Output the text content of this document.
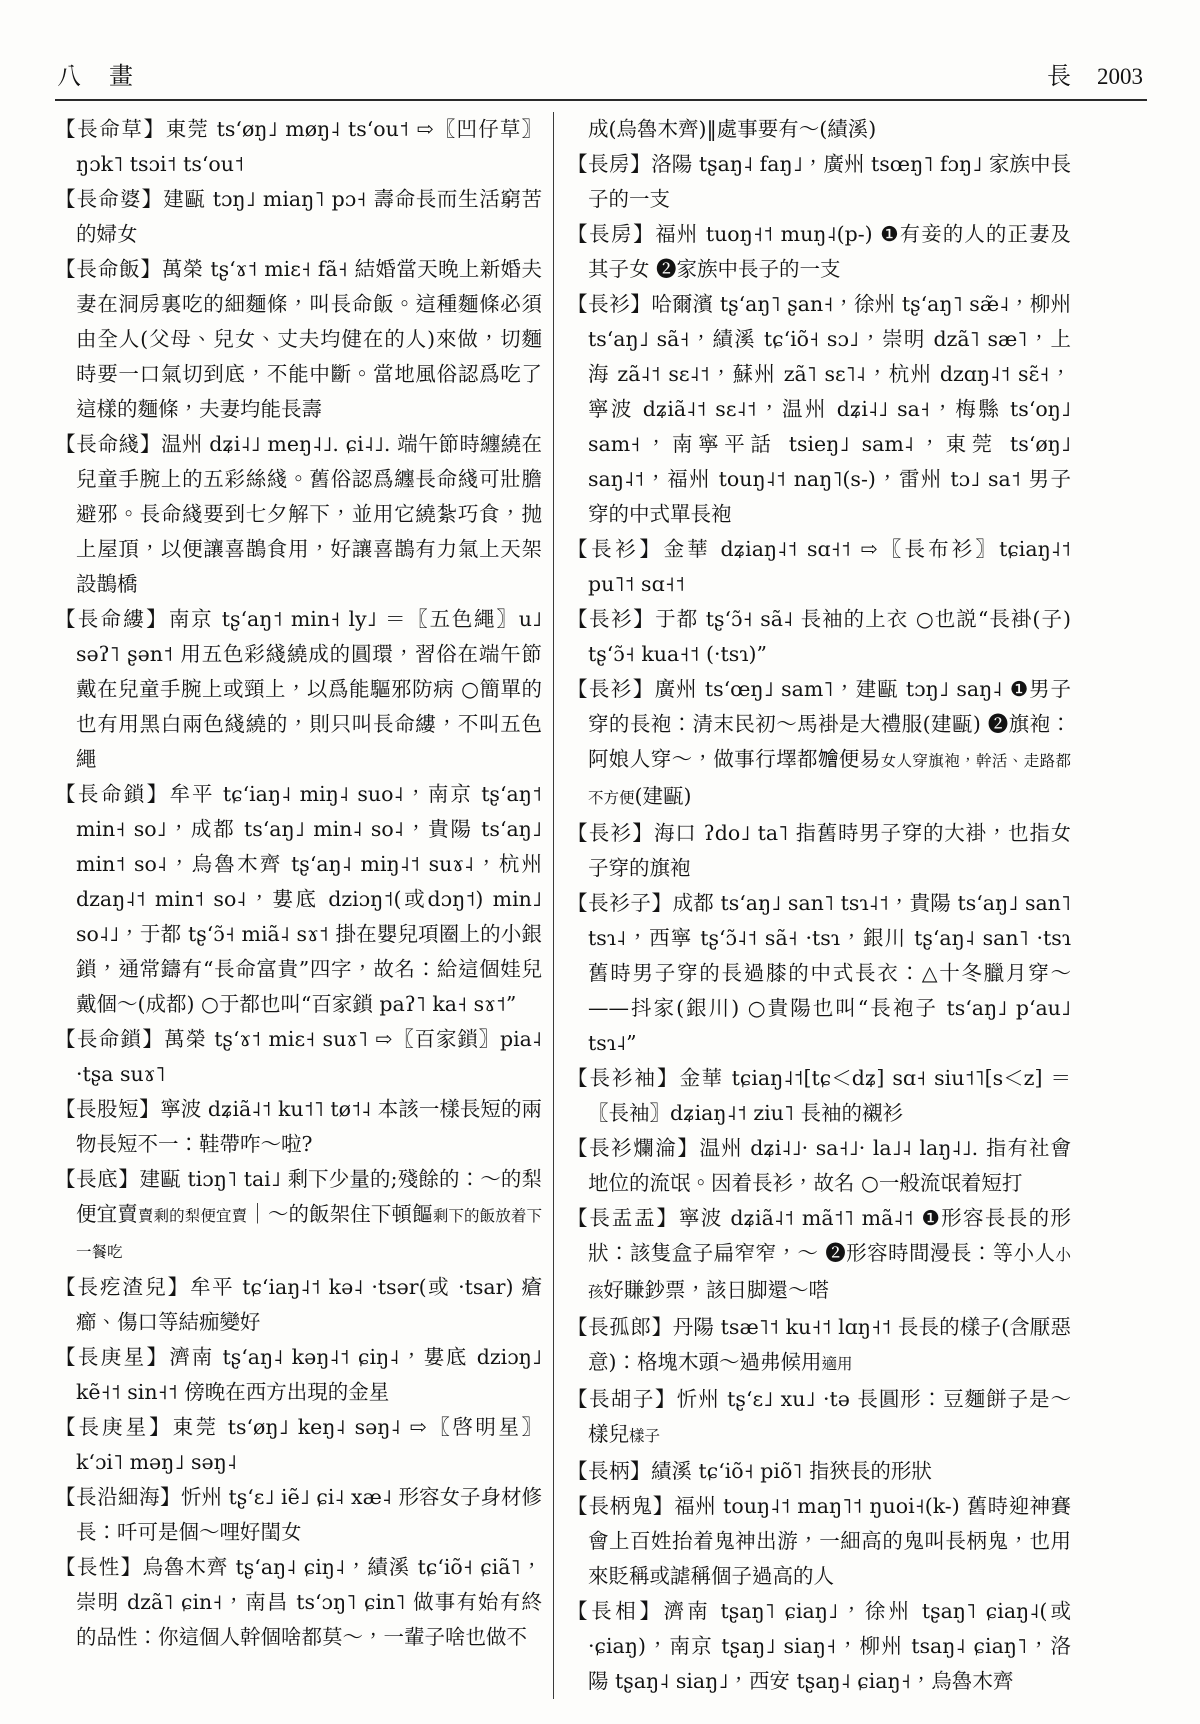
八　畫	長 2003

【長命草】東莞 tsʻøŋ˩ møŋ˨ tsʻou˦ ⇨〖凹仔草〗ŋɔk˥ tsɔi˦ tsʻou˦

【長命婆】建甌 tɔŋ˩ miaŋ˥ pɔ˧ 壽命長而生活窮苦的婦女

【長命飯】萬榮 tʂʻɤ˦ miɛ˧ fã˧ 結婚當天晚上新婚夫妻在洞房裏吃的細麵條，叫長命飯。這種麵條必須由全人(父母、兒女、丈夫均健在的人)來做，切麵時要一口氣切到底，不能中斷。當地風俗認爲吃了這樣的麵條，夫妻均能長壽

【長命綫】温州 dʑi˨˩ meŋ˨˩. ɕi˨˩. 端午節時纏繞在兒童手腕上的五彩絲綫。舊俗認爲纏長命綫可壯膽避邪。長命綫要到七夕解下，並用它繞紮巧食，抛上屋頂，以便讓喜鵲食用，好讓喜鵲有力氣上天架設鵲橋

【長命縷】南京 tʂʻaŋ˦ min˧ ly˩ ＝〖五色繩〗u˩ səʔ˥ ʂən˦ 用五色彩綫繞成的圓環，習俗在端午節戴在兒童手腕上或頸上，以爲能驅邪防病 ○簡單的也有用黑白兩色綫繞的，則只叫長命縷，不叫五色繩

【長命鎖】牟平 tɕʻiaŋ˨ miŋ˨ suo˨，南京 tʂʻaŋ˦ min˧ so˩，成都 tsʻaŋ˩ min˨ so˨，貴陽 tsʻaŋ˩ min˦ so˨，烏魯木齊 tʂʻaŋ˨ miŋ˨˦ suɤ˨，杭州 dzaŋ˨˦ min˦ so˨，婁底 dziɔŋ˦(或dɔŋ˦) min˩ so˨˩，于都 tʂʻɔ̃˧ miã˨ sɤ˦ 掛在嬰兒項圈上的小銀鎖，通常鑄有“長命富貴”四字，故名：給這個娃兒戴個～(成都) ○于都也叫“百家鎖 paʔ˥ ka˧ sɤ˦”

【長命鎖】萬榮 tʂʻɤ˦ miɛ˧ suɤ˥ ⇨〖百家鎖〗pia˨ ·tʂa suɤ˥

【長股短】寧波 dʑiã˨˦ ku˦˥ tø˦˨ 本該一樣長短的兩物長短不一：鞋帶咋～啦?

【長底】建甌 tiɔŋ˥ tai˩ 剩下少量的;殘餘的：～的梨便宜賣賣剩的梨便宜賣｜～的飯架住下頓饇剩下的飯放着下一餐吃

【長疙渣兒】牟平 tɕʻiaŋ˨˦ kə˨ ·tsər(或 ·tsar) 瘡癤、傷口等結痂變好

【長庚星】濟南 tʂʻaŋ˨ kəŋ˨˦ ɕiŋ˨，婁底 dziɔŋ˩ kẽ˧˦ sin˧˦ 傍晚在西方出現的金星

【長庚星】東莞 tsʻøŋ˩ keŋ˨ səŋ˨ ⇨〖啓明星〗kʻɔi˥ məŋ˩ səŋ˨

【長沿細海】忻州 tʂʻɛ˩ iẽ˩ ɕi˨ xæ˨ 形容女子身材修長：吀可是個～哩好閨女

【長性】烏魯木齊 tʂʻaŋ˨ ɕiŋ˨，績溪 tɕʻiõ˧ ɕiã˥，崇明 dzã˥ ɕin˧，南昌 tsʻɔŋ˥ ɕin˥ 做事有始有終的品性：你這個人幹個啥都莫～，一輩子啥也做不

成(烏魯木齊)‖處事要有～(績溪)

【長房】洛陽 tʂaŋ˨ faŋ˩，廣州 tsœŋ˥ fɔŋ˩ 家族中長子的一支

【長房】福州 tuoŋ˧˦ muŋ˨(p-) ❶有妾的人的正妻及其子女 ❷家族中長子的一支

【長衫】哈爾濱 tʂʻaŋ˥ ʂan˧，徐州 tʂʻaŋ˥ sæ̃˨，柳州 tsʻaŋ˩ sã˧，績溪 tɕʻiõ˧ sɔ˩，崇明 dzã˥ sæ˥，上海 zã˨˦ sɛ˨˦，蘇州 zã˥ sɛ˥˨，杭州 dzɑŋ˨˦ sɛ̃˧，寧波 dʑiã˨˦ sɛ˨˦，温州 dʑi˨˩ sa˧，梅縣 tsʻoŋ˩ sam˧，南寧平話 tsieŋ˩ sam˨，東莞 tsʻøŋ˩ saŋ˨˦，福州 touŋ˨˦ naŋ˥(s-)，雷州 tɔ˩ sa˦ 男子穿的中式單長袍

【長衫】金華 dʑiaŋ˨˦ sɑ˧˦ ⇨〖長布衫〗tɕiaŋ˨˦ pu˥˦ sɑ˧˦

【長衫】于都 tʂʻɔ̃˧ sã˨ 長袖的上衣 ○也説“長褂(子) tʂʻɔ̃˧ kua˧˦ (·tsɿ)”

【長衫】廣州 tsʻœŋ˩ sam˥，建甌 tɔŋ˩ saŋ˨ ❶男子穿的長袍：清末民初～馬褂是大禮服(建甌) ❷旗袍：阿娘人穿～，做事行墿都𣍐便易女人穿旗袍，幹活、走路都不方便(建甌)

【長衫】海口 ʔdo˩ ta˥ 指舊時男子穿的大褂，也指女子穿的旗袍

【長衫子】成都 tsʻaŋ˩ san˥ tsɿ˨˦，貴陽 tsʻaŋ˩ san˥ tsɿ˨，西寧 tʂʻɔ̃˨˦ sã˧ ·tsɿ，銀川 tʂʻaŋ˨ san˥ ·tsɿ 舊時男子穿的長過膝的中式長衣：△十冬臘月穿～——抖家(銀川) ○貴陽也叫“長袍子 tsʻaŋ˩ pʻau˩ tsɿ˨”

【長衫袖】金華 tɕiaŋ˨˦[tɕ＜dʑ] sɑ˧ siu˦˥[s＜z] ＝〖長袖〗dʑiaŋ˨˦ ziu˥ 長袖的襯衫

【長衫爛淪】温州 dʑi˨˩· sa˧˩· la˩˨ laŋ˨˩. 指有社會地位的流氓。因着長衫，故名 ○一般流氓着短打

【長盂盂】寧波 dʑiã˨˦ mã˦˥ mã˨˦ ❶形容長長的形狀：該隻盒子扁窄窄，～ ❷形容時間漫長：等小人小孩好賺鈔票，該日脚還～嗒

【長孤郎】丹陽 tsæ˥˦ ku˧˦ lɑŋ˧˦ 長長的樣子(含厭惡意)：格塊木頭～過弗候用適用

【長胡子】忻州 tʂʻɛ˩ xu˩ ·tə 長圓形：豆麵餅子是～樣兒樣子

【長柄】績溪 tɕʻiõ˧ piõ˥ 指狹長的形狀

【長柄鬼】福州 touŋ˨˦ maŋ˥˦ ŋuoi˧(k-) 舊時迎神賽會上百姓抬着鬼神出游，一細高的鬼叫長柄鬼，也用來貶稱或謔稱個子過高的人

【長相】濟南 tʂaŋ˥ ɕiaŋ˩，徐州 tʂaŋ˥ ɕiaŋ˨(或 ·ɕiaŋ)，南京 tʂaŋ˩ siaŋ˧，柳州 tsaŋ˨ ɕiaŋ˥，洛陽 tʂaŋ˨ siaŋ˩，西安 tʂaŋ˨ ɕiaŋ˧，烏魯木齊
